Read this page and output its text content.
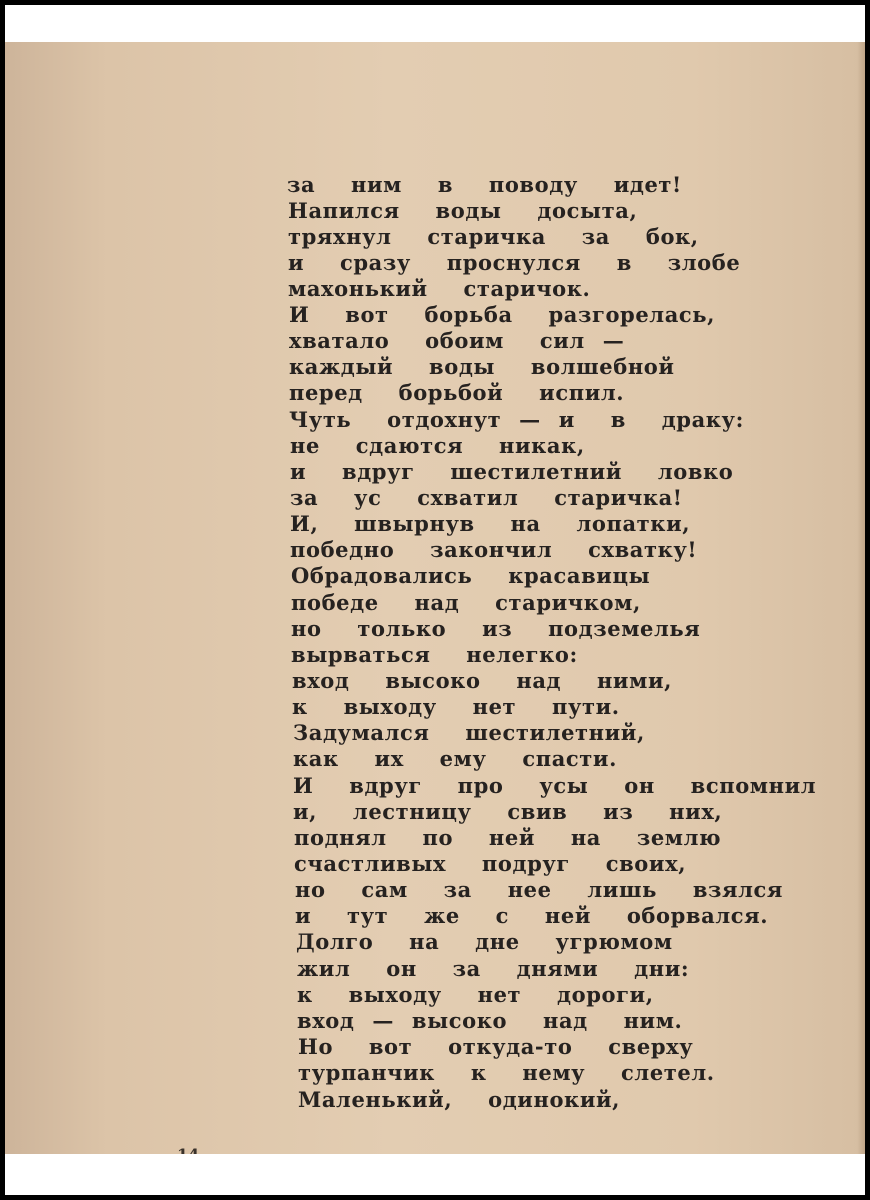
за  ним  в  поводу  идет!
Напился  воды  досыта,
тряхнул  старичка  за  бок,
и  сразу  проснулся  в  злобе
махонький  старичок.
И  вот  борьба  разгорелась,
хватало  обоим  сил —
каждый  воды  волшебной
перед  борьбой  испил.
Чуть  отдохнут — и  в  драку:
не  сдаются  никак,
и  вдруг  шестилетний  ловко
за  ус  схватил  старичка!
И,  швырнув  на  лопатки,
победно  закончил  схватку!
Обрадовались  красавицы
победе  над  старичком,
но  только  из  подземелья
вырваться  нелегко:
вход  высоко  над  ними,
к  выходу  нет  пути.
Задумался  шестилетний,
как  их  ему  спасти.
И  вдруг  про  усы  он  вспомнил
и,  лестницу  свив  из  них,
поднял  по  ней  на  землю
счастливых  подруг  своих,
но  сам  за  нее  лишь  взялся
и  тут  же  с  ней  оборвался.
Долго  на  дне  угрюмом
жил  он  за  днями  дни:
к  выходу  нет  дороги,
вход — высоко  над  ним.
Но  вот  откуда-то  сверху
турпанчик  к  нему  слетел.
Маленький,  одинокий,
